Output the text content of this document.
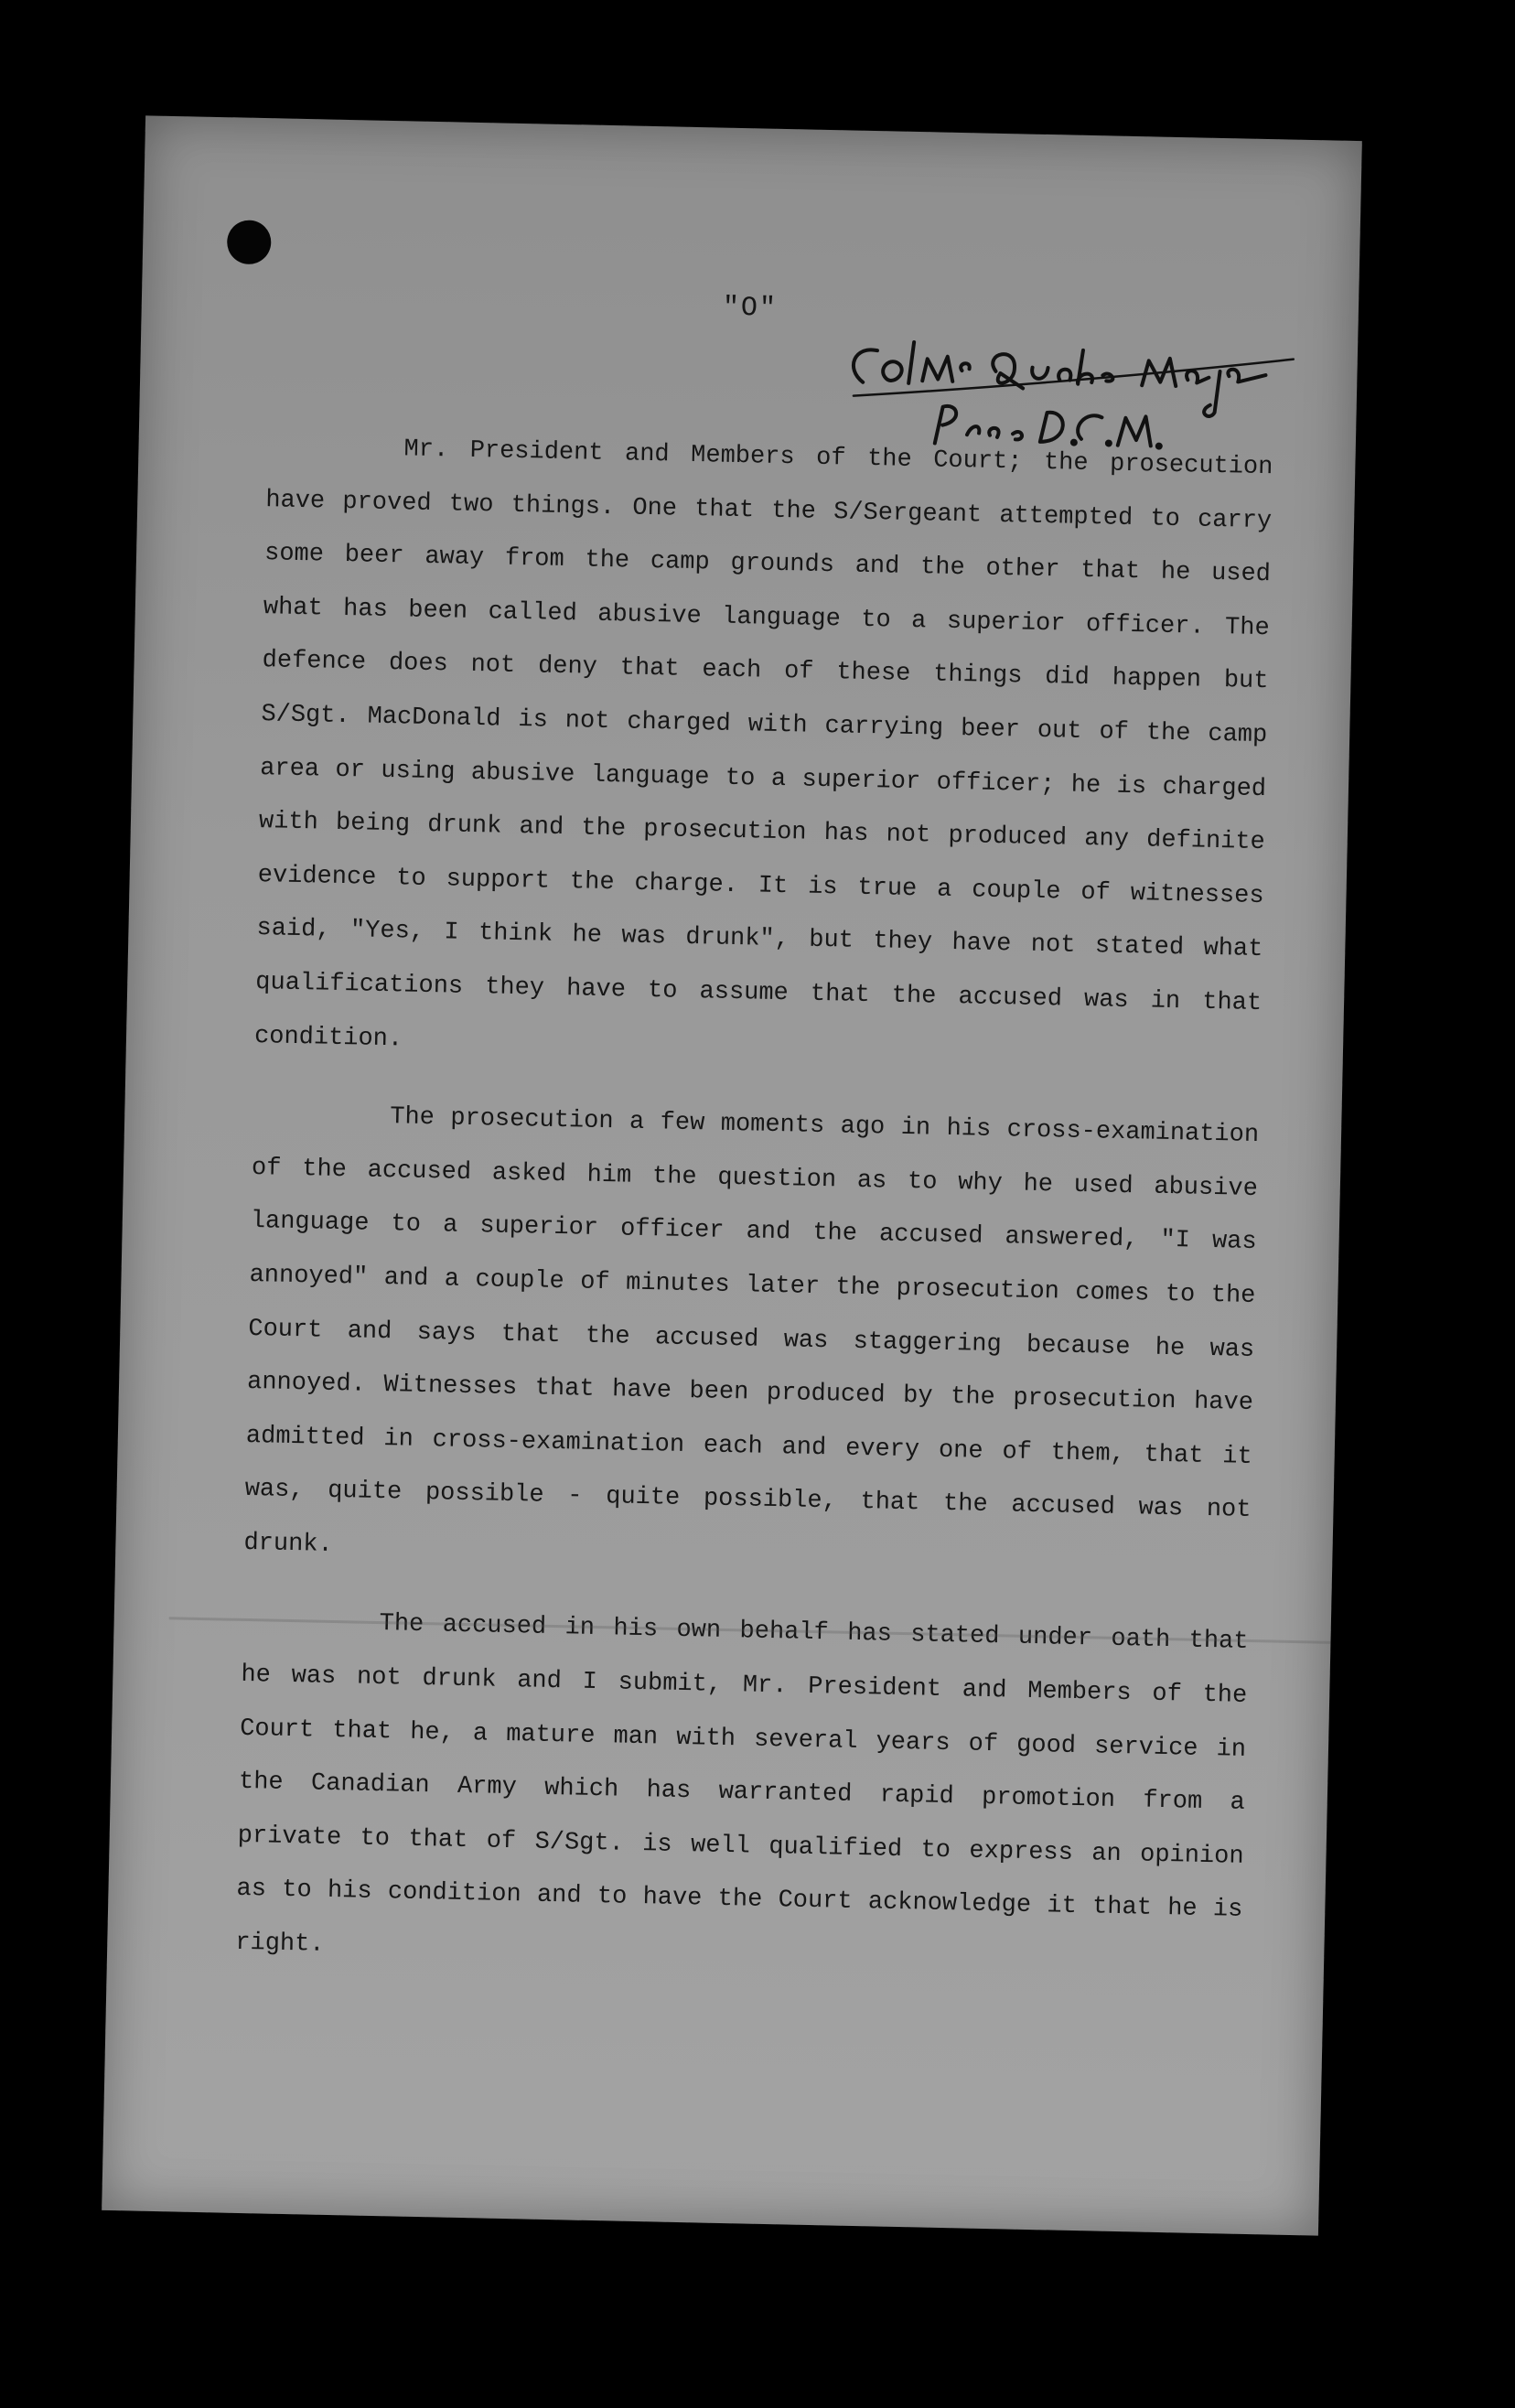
"O"

Mr. President and Members of the Court; the prosecution have proved two things. One that the S/Sergeant attempted to carry some beer away from the camp grounds and the other that he used what has been called abusive language to a superior officer. The defence does not deny that each of these things did happen but S/Sgt. MacDonald is not charged with carrying beer out of the camp area or using abusive language to a superior officer; he is charged with being drunk and the prosecution has not produced any definite evidence to support the charge. It is true a couple of witnesses said, "Yes, I think he was drunk", but they have not stated what qualifications they have to assume that the accused was in that condition.

The prosecution a few moments ago in his cross-examination of the accused asked him the question as to why he used abusive language to a superior officer and the accused answered, "I was annoyed" and a couple of minutes later the prosecution comes to the Court and says that the accused was staggering because he was annoyed. Witnesses that have been produced by the prosecution have admitted in cross-examination each and every one of them, that it was, quite possible - quite possible, that the accused was not drunk.

The accused in his own behalf has stated under oath that he was not drunk and I submit, Mr. President and Members of the Court that he, a mature man with several years of good service in the Canadian Army which has warranted rapid promotion from a private to that of S/Sgt. is well qualified to express an opinion as to his condition and to have the Court acknowledge it that he is right.
